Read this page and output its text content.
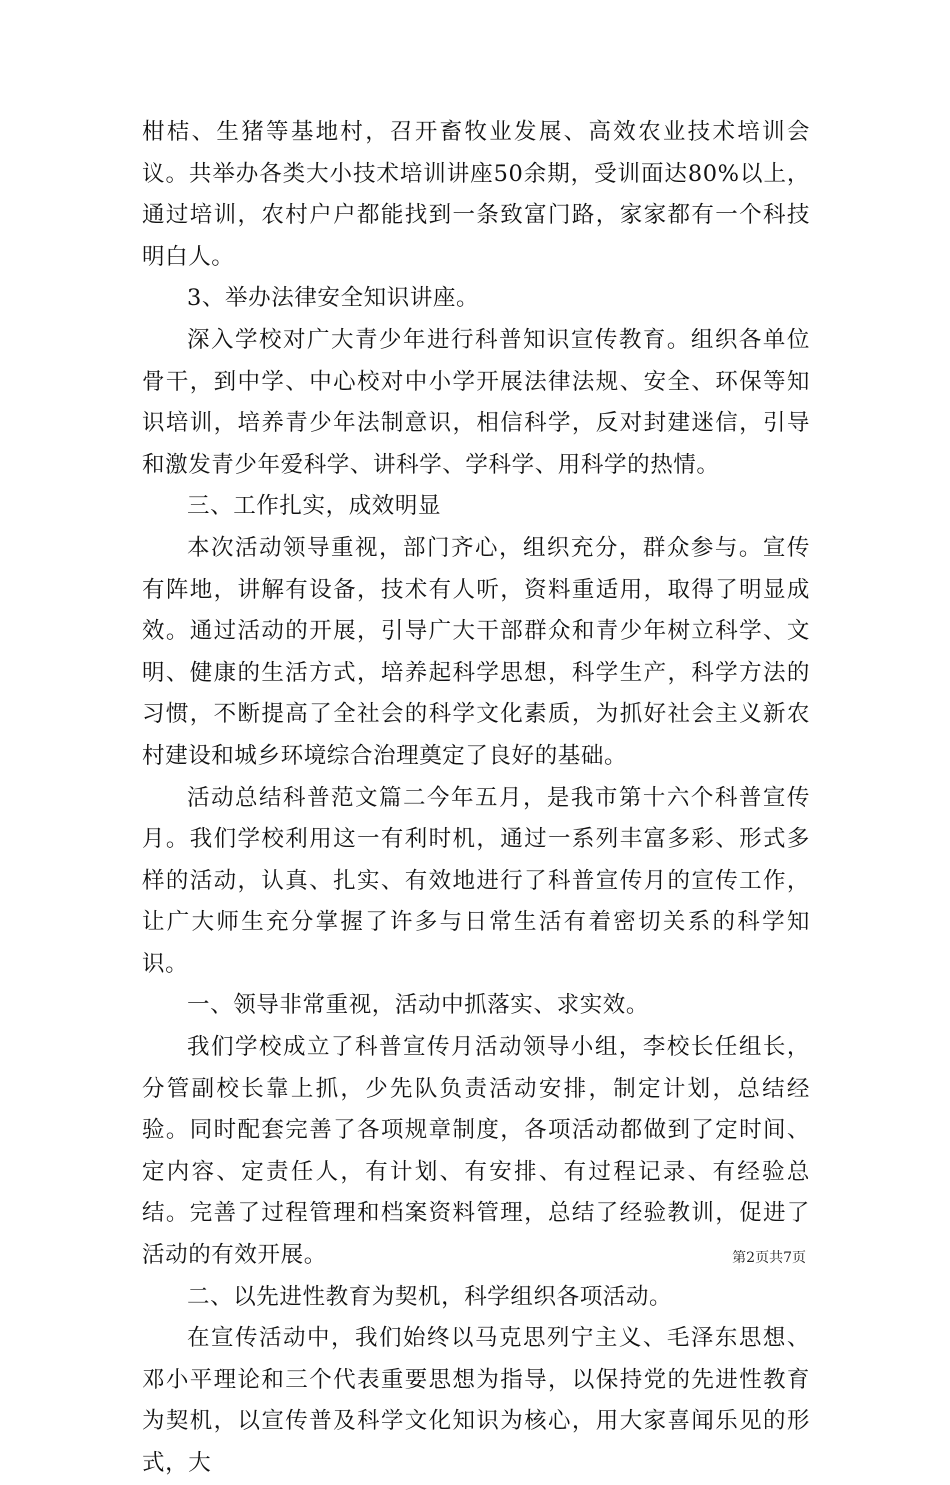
柑桔、生猪等基地村，召开畜牧业发展、高效农业技术培训会议。共举办各类大小技术培训讲座50余期，受训面达80%以上，通过培训，农村户户都能找到一条致富门路，家家都有一个科技明白人。

3、举办法律安全知识讲座。

深入学校对广大青少年进行科普知识宣传教育。组织各单位骨干，到中学、中心校对中小学开展法律法规、安全、环保等知识培训，培养青少年法制意识，相信科学，反对封建迷信，引导和激发青少年爱科学、讲科学、学科学、用科学的热情。

三、工作扎实，成效明显

本次活动领导重视，部门齐心，组织充分，群众参与。宣传有阵地，讲解有设备，技术有人听，资料重适用，取得了明显成效。通过活动的开展，引导广大干部群众和青少年树立科学、文明、健康的生活方式，培养起科学思想，科学生产，科学方法的习惯，不断提高了全社会的科学文化素质，为抓好社会主义新农村建设和城乡环境综合治理奠定了良好的基础。

活动总结科普范文篇二今年五月，是我市第十六个科普宣传月。我们学校利用这一有利时机，通过一系列丰富多彩、形式多样的活动，认真、扎实、有效地进行了科普宣传月的宣传工作，让广大师生充分掌握了许多与日常生活有着密切关系的科学知识。

一、领导非常重视，活动中抓落实、求实效。

我们学校成立了科普宣传月活动领导小组，李校长任组长，分管副校长靠上抓，少先队负责活动安排，制定计划，总结经验。同时配套完善了各项规章制度，各项活动都做到了定时间、定内容、定责任人，有计划、有安排、有过程记录、有经验总结。完善了过程管理和档案资料管理，总结了经验教训，促进了活动的有效开展。

二、以先进性教育为契机，科学组织各项活动。

在宣传活动中，我们始终以马克思列宁主义、毛泽东思想、邓小平理论和三个代表重要思想为指导，以保持党的先进性教育为契机，以宣传普及科学文化知识为核心，用大家喜闻乐见的形式，大

第2页共7页
